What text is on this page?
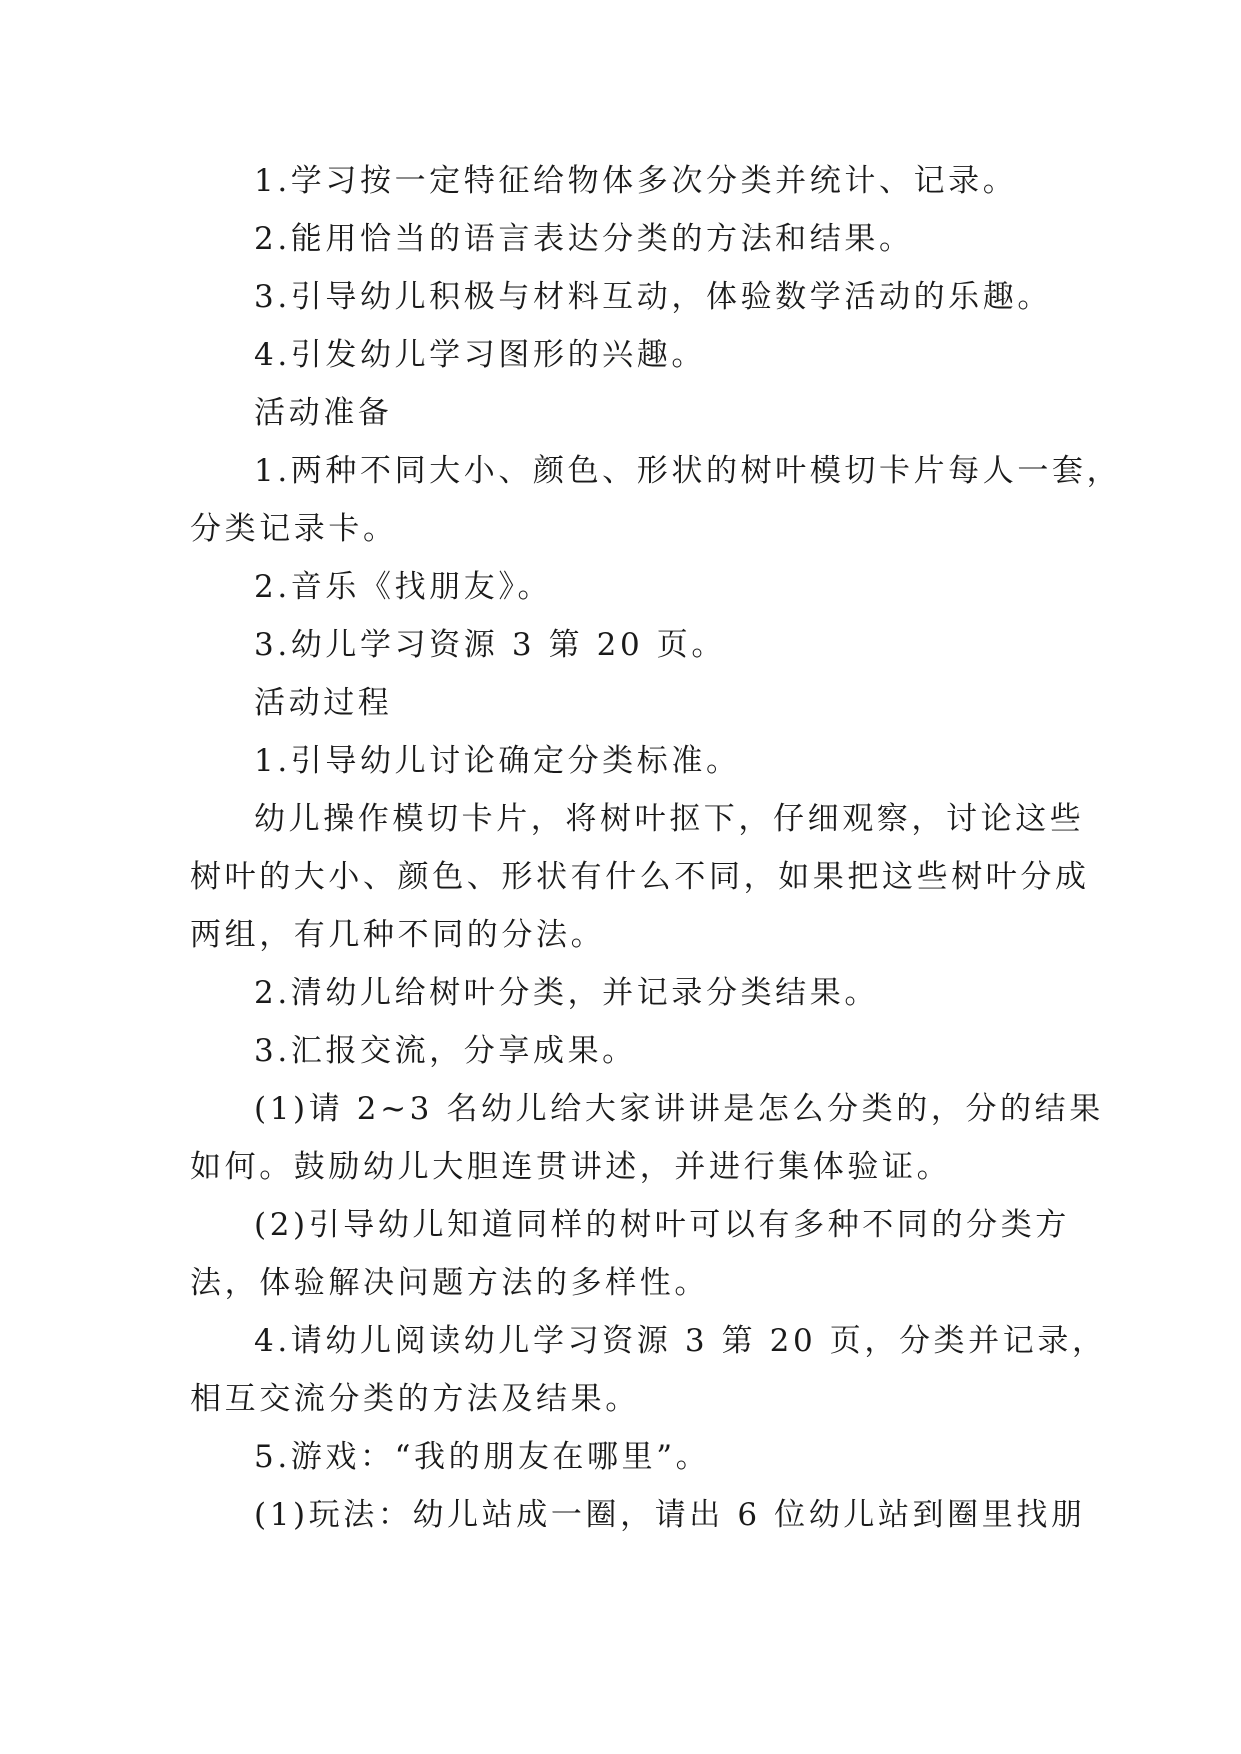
1.学习按一定特征给物体多次分类并统计、记录。
2.能用恰当的语言表达分类的方法和结果。
3.引导幼儿积极与材料互动，体验数学活动的乐趣。
4.引发幼儿学习图形的兴趣。
活动准备
1.两种不同大小、颜色、形状的树叶模切卡片每人一套，
分类记录卡。
2.音乐《找朋友》。
3.幼儿学习资源 3 第 20 页。
活动过程
1.引导幼儿讨论确定分类标准。
幼儿操作模切卡片，将树叶抠下，仔细观察，讨论这些
树叶的大小、颜色、形状有什么不同，如果把这些树叶分成
两组，有几种不同的分法。
2.清幼儿给树叶分类，并记录分类结果。
3.汇报交流，分享成果。
(1)请 2~3 名幼儿给大家讲讲是怎么分类的，分的结果
如何。鼓励幼儿大胆连贯讲述，并进行集体验证。
(2)引导幼儿知道同样的树叶可以有多种不同的分类方
法，体验解决问题方法的多样性。
4.请幼儿阅读幼儿学习资源 3 第 20 页，分类并记录，
相互交流分类的方法及结果。
5.游戏：“我的朋友在哪里”。
(1)玩法：幼儿站成一圈，请出 6 位幼儿站到圈里找朋
